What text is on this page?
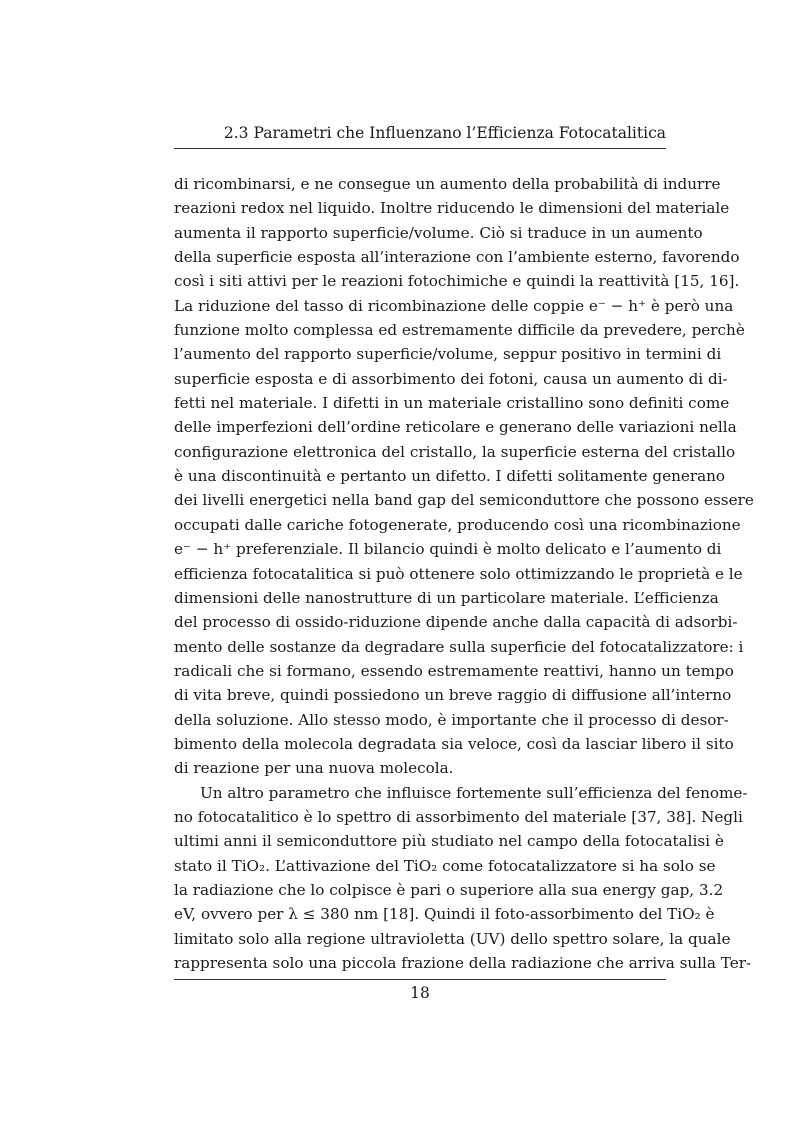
2.3 Parametri che Influenzano l’Efficienza Fotocatalitica
di ricombinarsi, e ne consegue un aumento della probabilità di indurre
reazioni redox nel liquido. Inoltre riducendo le dimensioni del materiale
aumenta il rapporto superficie/volume. Ciò si traduce in un aumento
della superficie esposta all’interazione con l’ambiente esterno, favorendo
così i siti attivi per le reazioni fotochimiche e quindi la reattività [15, 16].
La riduzione del tasso di ricombinazione delle coppie e⁻ − h⁺ è però una
funzione molto complessa ed estremamente difficile da prevedere, perchè
l’aumento del rapporto superficie/volume, seppur positivo in termini di
superficie esposta e di assorbimento dei fotoni, causa un aumento di di-
fetti nel materiale. I difetti in un materiale cristallino sono definiti come
delle imperfezioni dell’ordine reticolare e generano delle variazioni nella
configurazione elettronica del cristallo, la superficie esterna del cristallo
è una discontinuità e pertanto un difetto. I difetti solitamente generano
dei livelli energetici nella band gap del semiconduttore che possono essere
occupati dalle cariche fotogenerate, producendo così una ricombinazione
e⁻ − h⁺ preferenziale. Il bilancio quindi è molto delicato e l’aumento di
efficienza fotocatalitica si può ottenere solo ottimizzando le proprietà e le
dimensioni delle nanostrutture di un particolare materiale. L’efficienza
del processo di ossido-riduzione dipende anche dalla capacità di adsorbi-
mento delle sostanze da degradare sulla superficie del fotocatalizzatore: i
radicali che si formano, essendo estremamente reattivi, hanno un tempo
di vita breve, quindi possiedono un breve raggio di diffusione all’interno
della soluzione. Allo stesso modo, è importante che il processo di desor-
bimento della molecola degradata sia veloce, così da lasciar libero il sito
di reazione per una nuova molecola.
Un altro parametro che influisce fortemente sull’efficienza del fenome-
no fotocatalitico è lo spettro di assorbimento del materiale [37, 38]. Negli
ultimi anni il semiconduttore più studiato nel campo della fotocatalisi è
stato il TiO₂. L’attivazione del TiO₂ come fotocatalizzatore si ha solo se
la radiazione che lo colpisce è pari o superiore alla sua energy gap, 3.2
eV, ovvero per λ ≤ 380 nm [18]. Quindi il foto-assorbimento del TiO₂ è
limitato solo alla regione ultravioletta (UV) dello spettro solare, la quale
rappresenta solo una piccola frazione della radiazione che arriva sulla Ter-
18
